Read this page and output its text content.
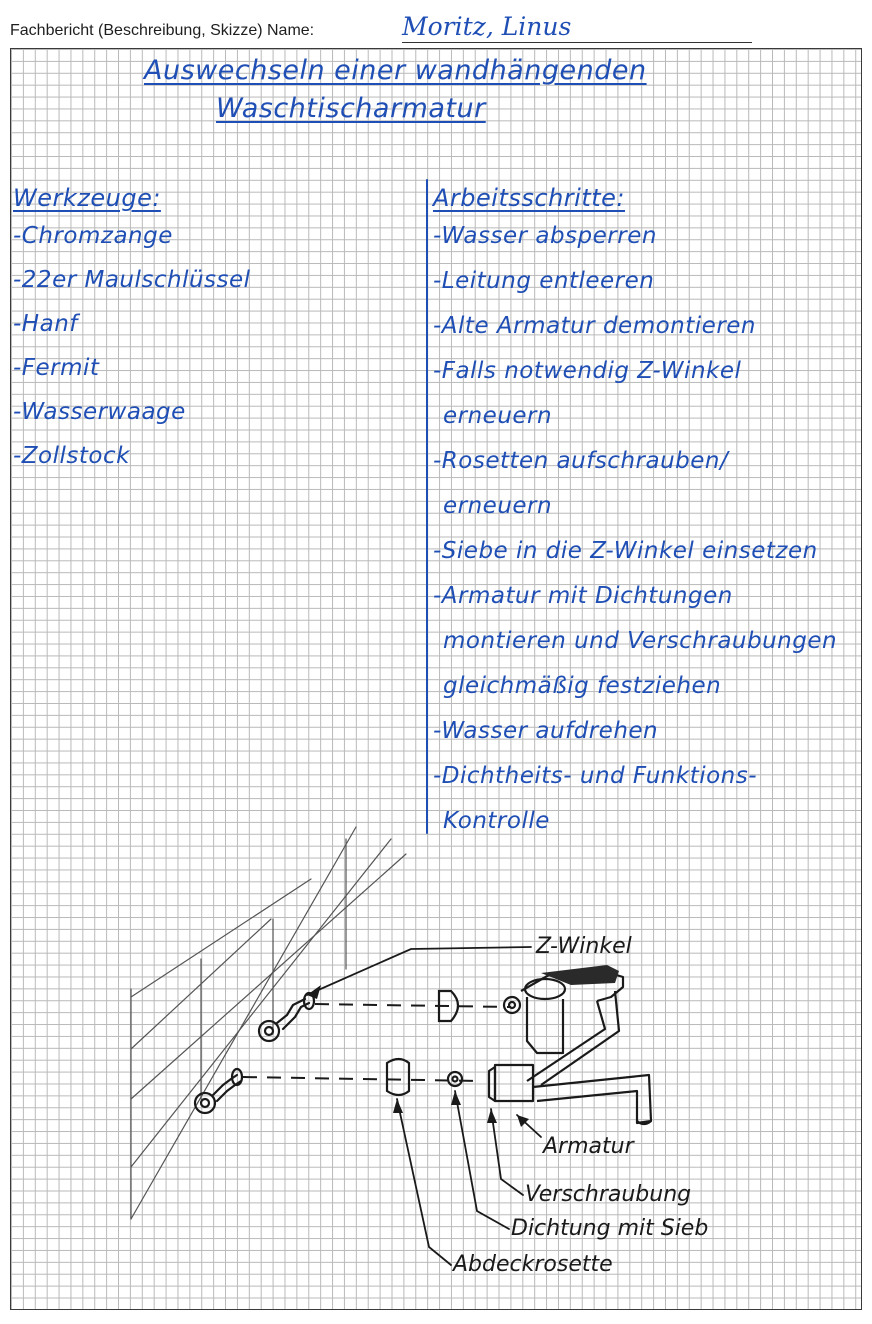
Fachbericht (Beschreibung, Skizze) Name:	Moritz, Linus
Auswechseln einer wandhängenden
Waschtischarmatur
Werkzeuge:
-Chromzange
-22er Maulschlüssel
-Hanf
-Fermit
-Wasserwaage
-Zollstock
Arbeitsschritte:
-Wasser absperren
-Leitung entleeren
-Alte Armatur demontieren
-Falls notwendig Z-Winkel
erneuern
-Rosetten aufschrauben/
erneuern
-Siebe in die Z-Winkel einsetzen
-Armatur mit Dichtungen
montieren und Verschraubungen
gleichmäßig festziehen
-Wasser aufdrehen
-Dichtheits- und Funktions-
Kontrolle
Z-Winkel
Armatur
Verschraubung
Dichtung mit Sieb
Abdeckrosette
